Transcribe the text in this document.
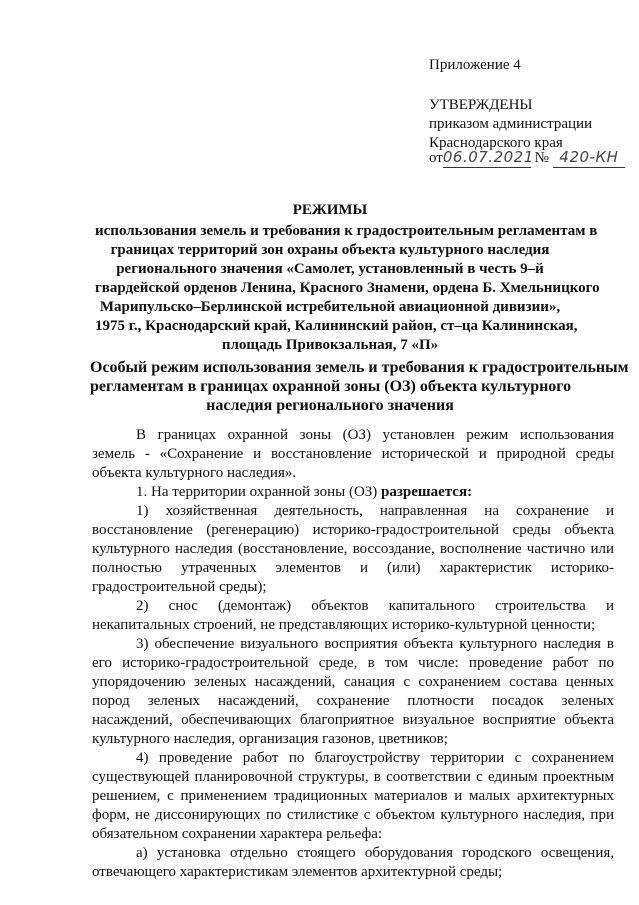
Приложение 4
УТВЕРЖДЕНЫ
приказом администрации
Краснодарского края
от06.07.2021 № 420-КН
РЕЖИМЫ
использования земель и требования к градостроительным регламентам в
границах территорий зон охраны объекта культурного наследия
регионального значения «Самолет, установленный в честь 9–й
гвардейской орденов Ленина, Красного Знамени, ордена Б. Хмельницкого
Марипульско–Берлинской истребительной авиационной дивизии»,
1975 г., Краснодарский край, Калининский район, ст–ца Калининская,
площадь Привокзальная, 7 «П»
Особый режим использования земель и требования к градостроительным
регламентам в границах охранной зоны (ОЗ) объекта культурного
наследия регионального значения
В границах охранной зоны (ОЗ) установлен режим использования
земель - «Сохранение и восстановление исторической и природной среды
объекта культурного наследия».
1. На территории охранной зоны (ОЗ) разрешается:
1) хозяйственная деятельность, направленная на сохранение и
восстановление (регенерацию) историко-градостроительной среды объекта
культурного наследия (восстановление, воссоздание, восполнение частично или
полностью утраченных элементов и (или) характеристик историко-
градостроительной среды);
2) снос (демонтаж) объектов капитального строительства и
некапитальных строений, не представляющих историко-культурной ценности;
3) обеспечение визуального восприятия объекта культурного наследия в
его историко-градостроительной среде, в том числе: проведение работ по
упорядочению зеленых насаждений, санация с сохранением состава ценных
пород зеленых насаждений, сохранение плотности посадок зеленых
насаждений, обеспечивающих благоприятное визуальное восприятие объекта
культурного наследия, организация газонов, цветников;
4) проведение работ по благоустройству территории с сохранением
существующей планировочной структуры, в соответствии с единым проектным
решением, с применением традиционных материалов и малых архитектурных
форм, не диссонирующих по стилистике с объектом культурного наследия, при
обязательном сохранении характера рельефа:
а) установка отдельно стоящего оборудования городского освещения,
отвечающего характеристикам элементов архитектурной среды;
